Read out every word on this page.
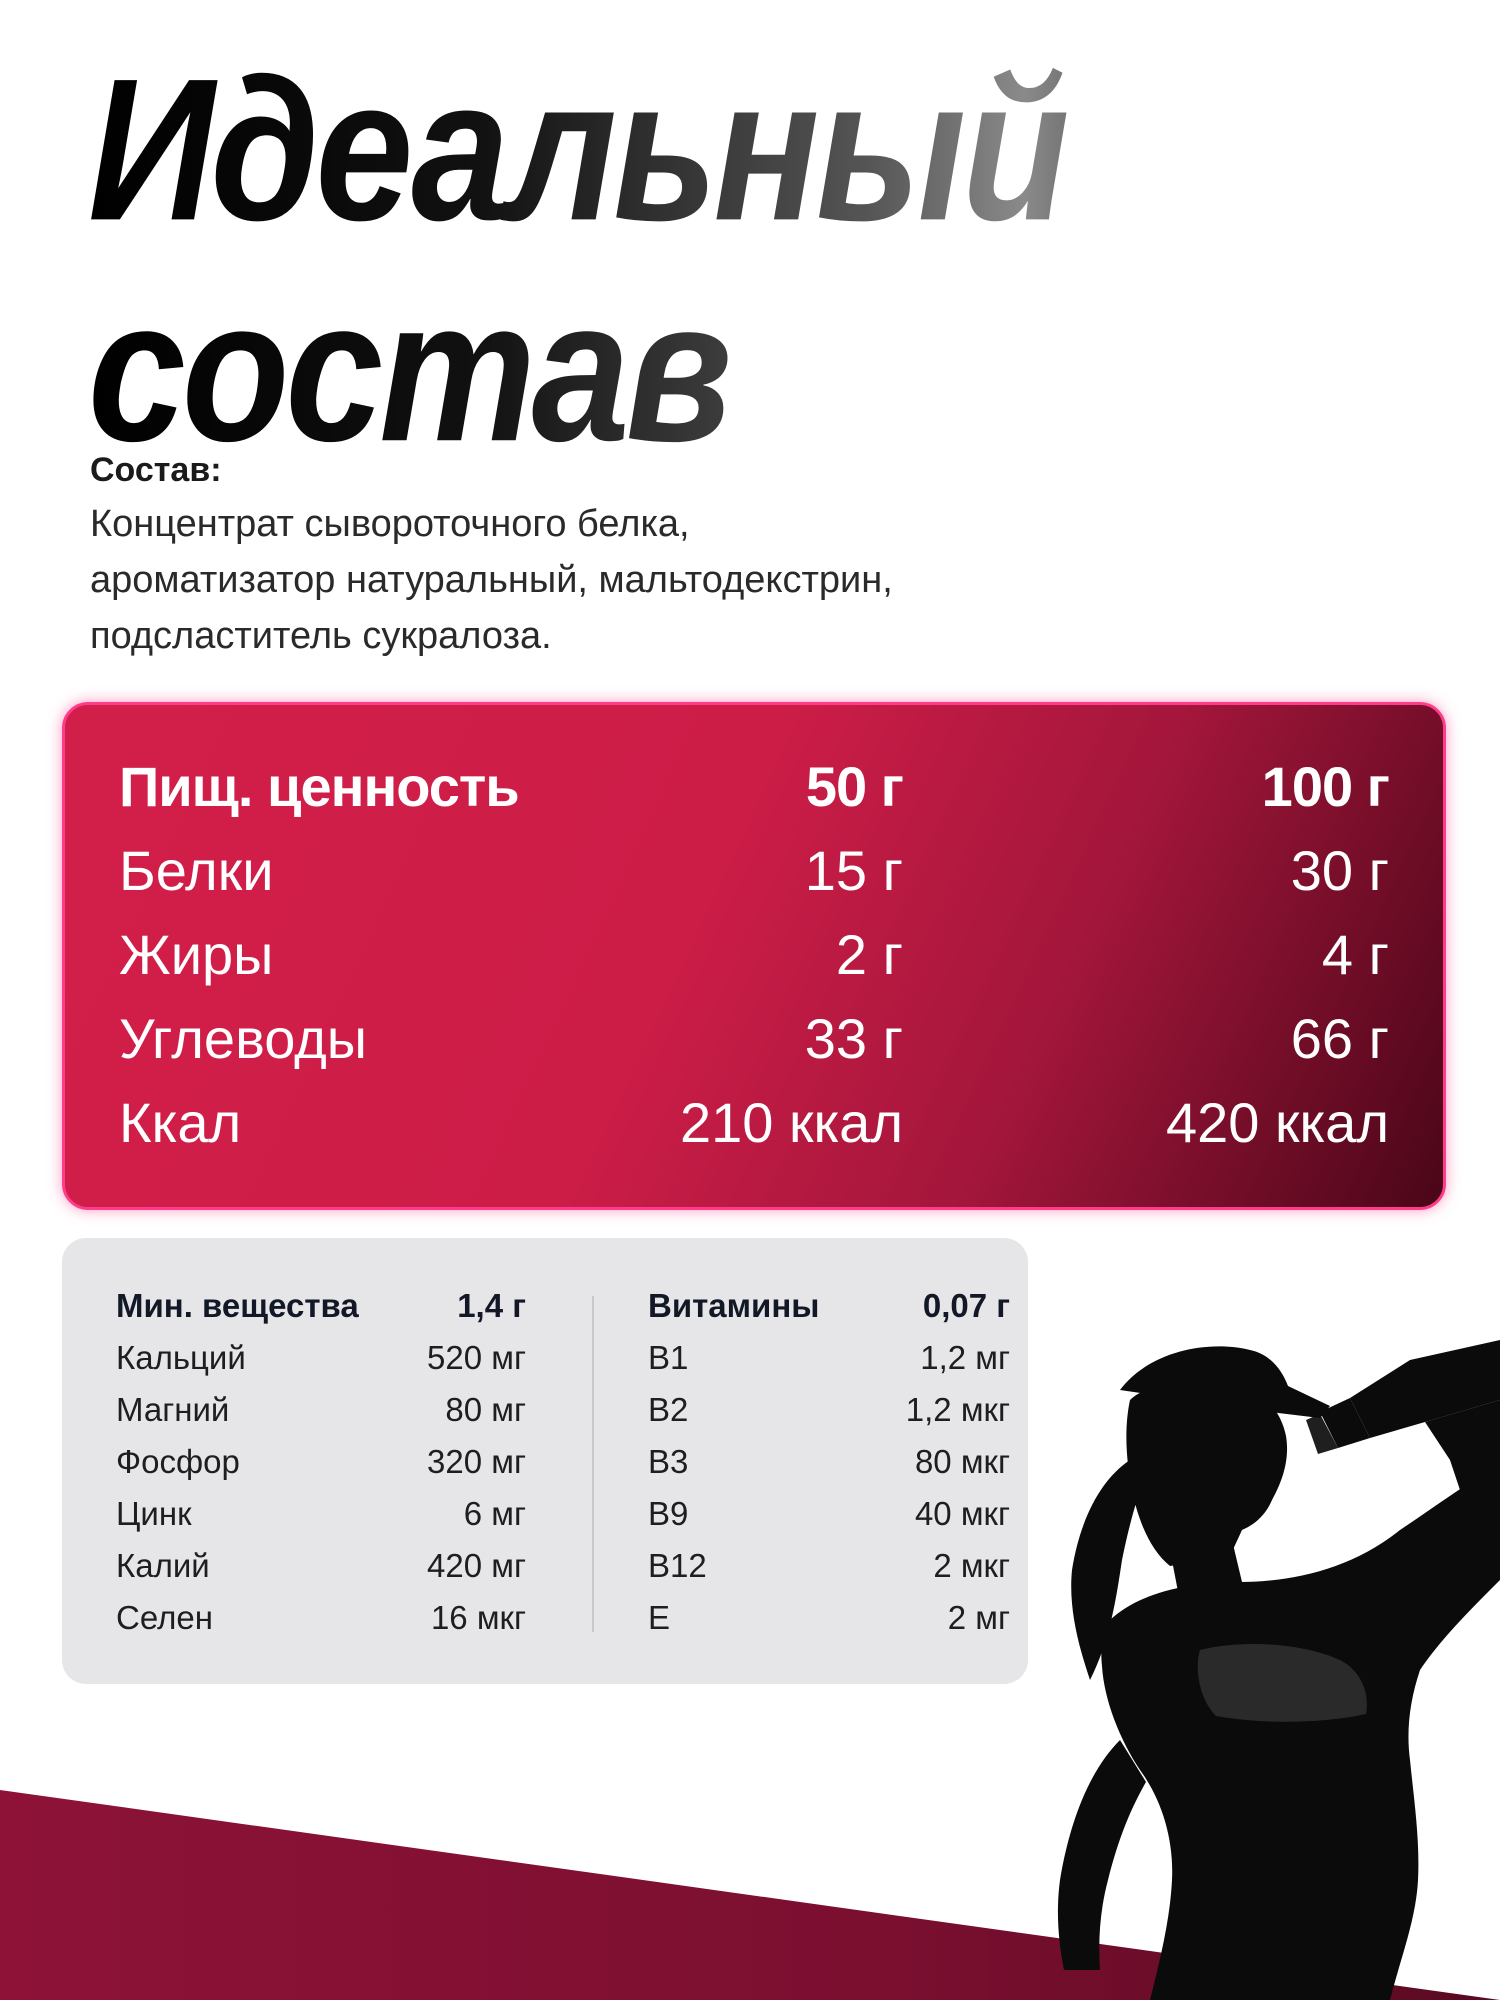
Идеальный
состав
Состав:
Концентрат сывороточного белка,
ароматизатор натуральный, мальтодекстрин,
подсластитель сукралоза.
Пищ. ценность	50 г	100 г
Белки	15 г	30 г
Жиры	2 г	4 г
Углеводы	33 г	66 г
Ккал	210 ккал	420 ккал
Мин. вещества	1,4 г
Кальций	520 мг
Магний	80 мг
Фосфор	320 мг
Цинк	6 мг
Калий	420 мг
Селен	16 мкг
Витамины	0,07 г
B1	1,2 мг
B2	1,2 мкг
B3	80 мкг
B9	40 мкг
B12	2 мкг
E	2 мг
